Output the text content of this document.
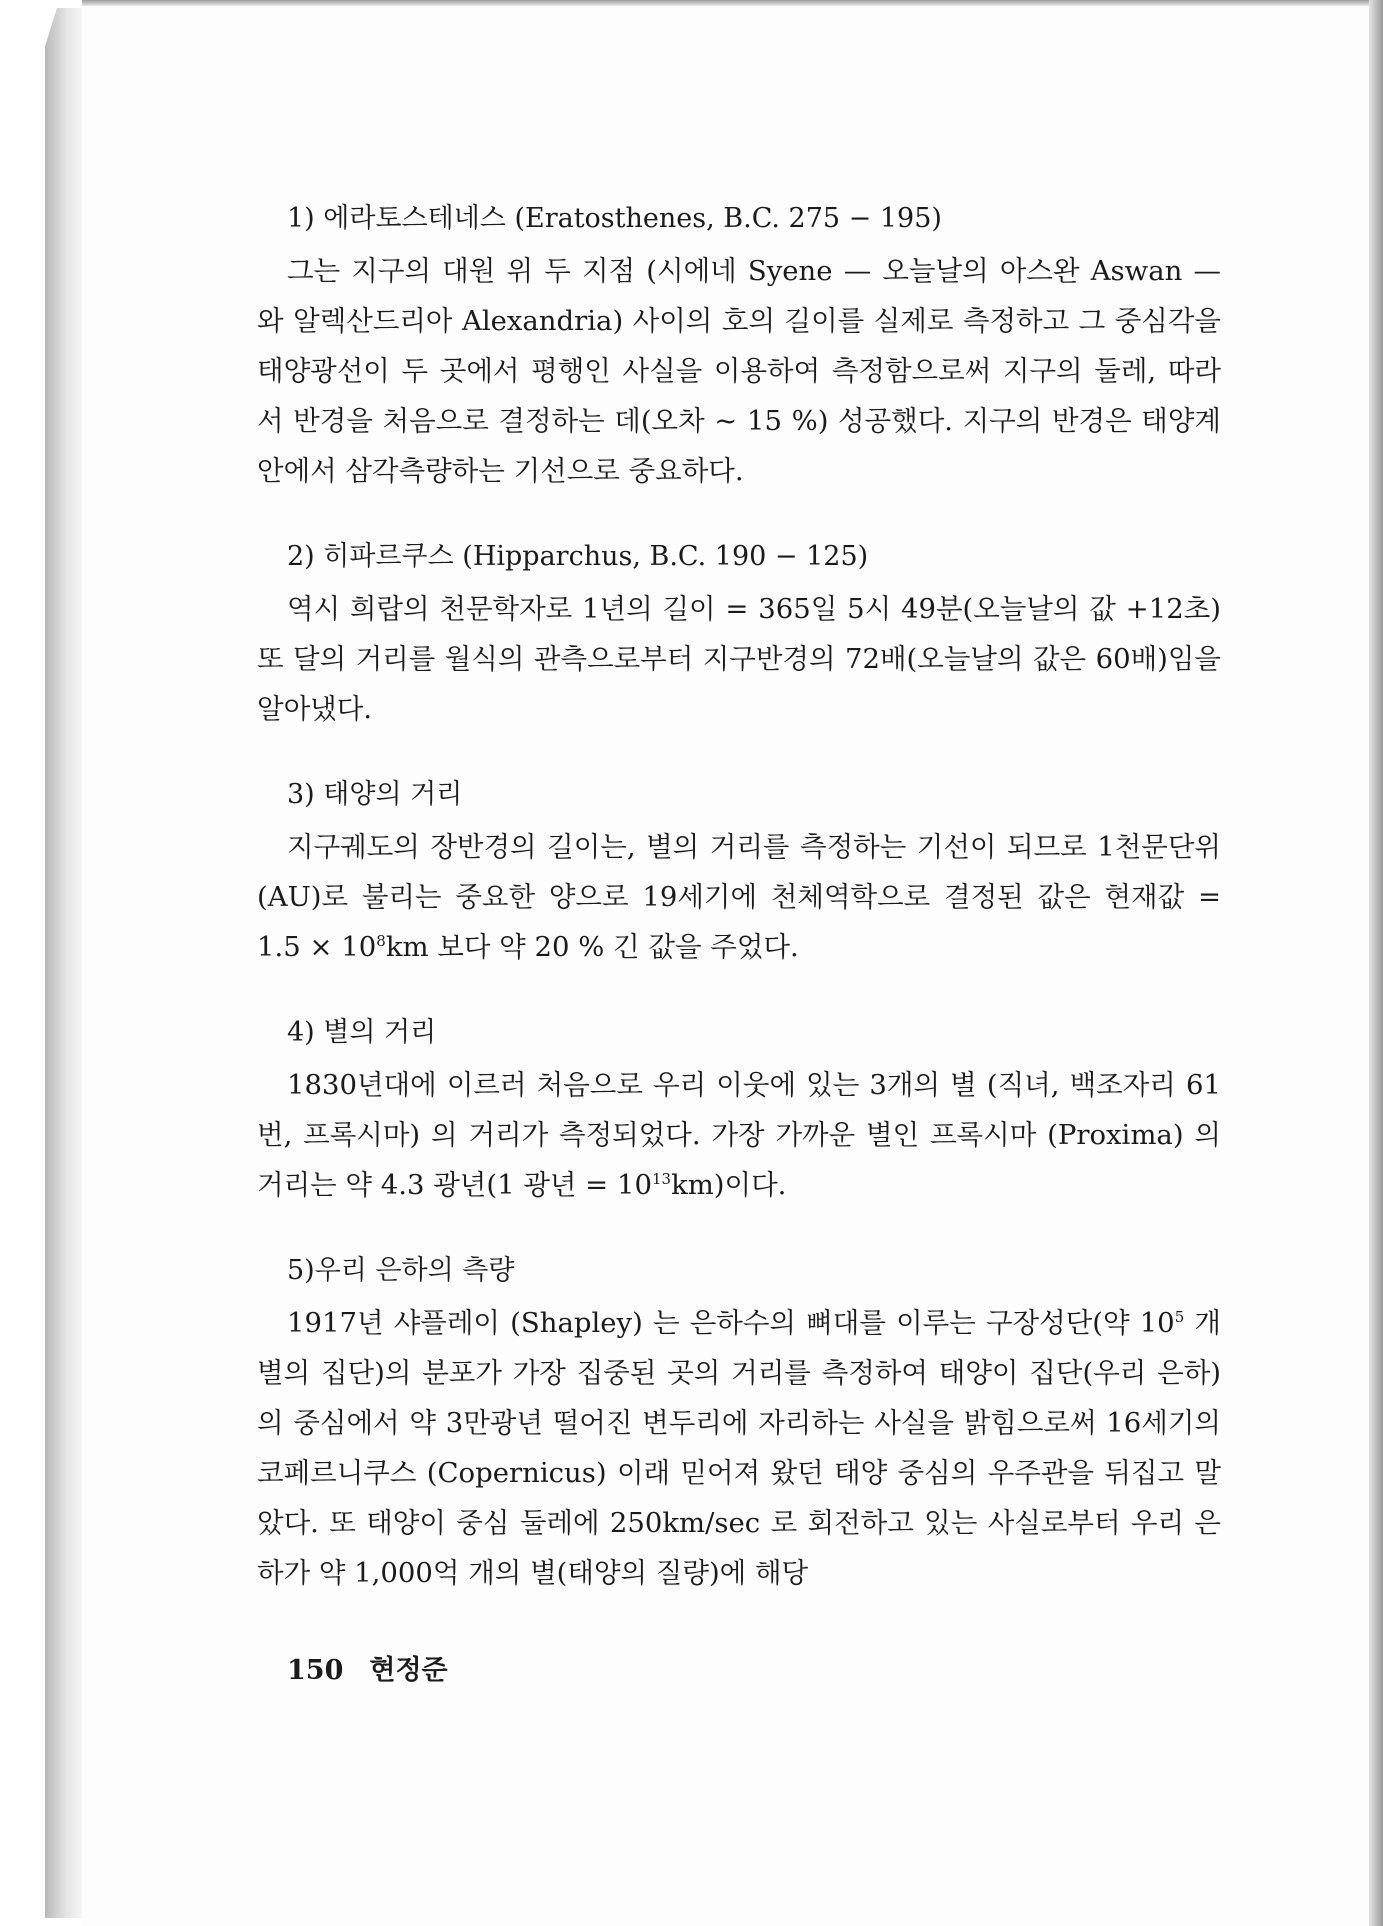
1) 에라토스테네스 (Eratosthenes, B.C. 275 − 195)

그는 지구의 대원 위 두 지점 (시에네 Syene — 오늘날의 아스완 Aswan — 와 알렉산드리아 Alexandria) 사이의 호의 길이를 실제로 측정하고 그 중심각을 태양광선이 두 곳에서 평행인 사실을 이용하여 측정함으로써 지구의 둘레, 따라서 반경을 처음으로 결정하는 데(오차 ~ 15 %) 성공했다. 지구의 반경은 태양계 안에서 삼각측량하는 기선으로 중요하다.

2) 히파르쿠스 (Hipparchus, B.C. 190 − 125)

역시 희랍의 천문학자로 1년의 길이 = 365일 5시 49분(오늘날의 값 +12초) 또 달의 거리를 월식의 관측으로부터 지구반경의 72배(오늘날의 값은 60배)임을 알아냈다.

3) 태양의 거리

지구궤도의 장반경의 길이는, 별의 거리를 측정하는 기선이 되므로 1천문단위 (AU)로 불리는 중요한 양으로 19세기에 천체역학으로 결정된 값은 현재값 = $1.5 \times 10^8km$ 보다 약 20 % 긴 값을 주었다.

4) 별의 거리

1830년대에 이르러 처음으로 우리 이웃에 있는 3개의 별 (직녀, 백조자리 61번, 프록시마) 의 거리가 측정되었다. 가장 가까운 별인 프록시마 (Proxima) 의 거리는 약 4.3 광년(1 광년 = $10^{13}km$)이다.

5)우리 은하의 측량

1917년 샤플레이 (Shapley) 는 은하수의 뼈대를 이루는 구장성단(약 $10^5$ 개 별의 집단)의 분포가 가장 집중된 곳의 거리를 측정하여 태양이 집단(우리 은하)의 중심에서 약 3만광년 떨어진 변두리에 자리하는 사실을 밝힘으로써 16세기의 코페르니쿠스 (Copernicus) 이래 믿어져 왔던 태양 중심의 우주관을 뒤집고 말았다. 또 태양이 중심 둘레에 250km/sec 로 회전하고 있는 사실로부터 우리 은하가 약 1,000억 개의 별(태양의 질량)에 해당

150 현정준
